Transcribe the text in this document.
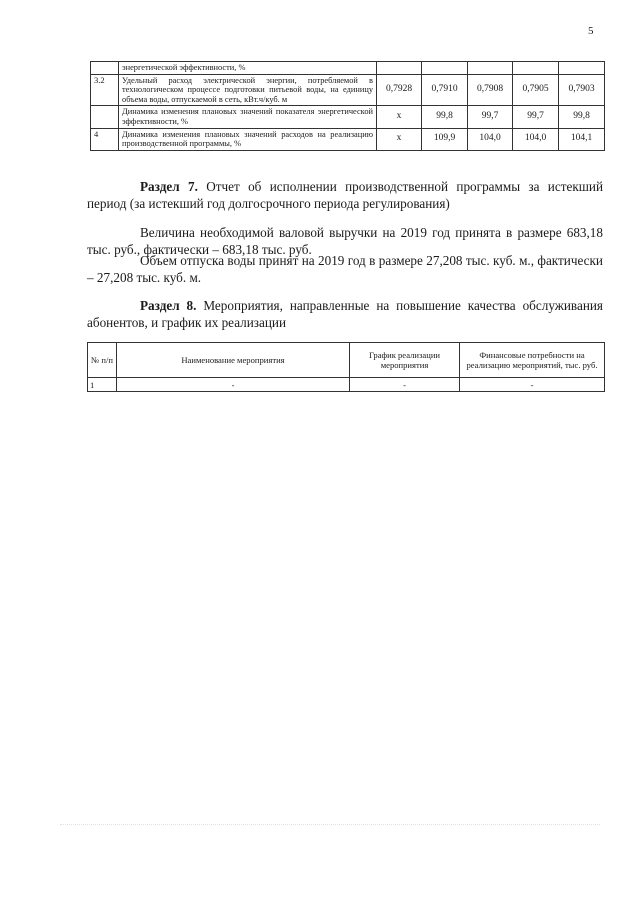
5
	энергетической эффективности, %					
3.2	Удельный расход электрической энергии, потребляемой в технологическом процессе подготовки питьевой воды, на единицу объема воды, отпускаемой в сеть, кВт.ч/куб. м	0,7928	0,7910	0,7908	0,7905	0,7903
	Динамика изменения плановых значений показателя энергетической эффективности, %	х	99,8	99,7	99,7	99,8
4	Динамика изменения плановых значений расходов на реализацию производственной программы, %	х	109,9	104,0	104,0	104,1
Раздел 7. Отчет об исполнении производственной программы за истекший период (за истекший год долгосрочного периода регулирования)
Величина необходимой валовой выручки на 2019 год принята в размере 683,18 тыс. руб., фактически – 683,18 тыс. руб.
Объем отпуска воды принят на 2019 год в размере 27,208 тыс. куб. м., фактически – 27,208 тыс. куб. м.
Раздел 8. Мероприятия, направленные на повышение качества обслуживания абонентов, и график их реализации
№ п/п	Наименование мероприятия	График реализации мероприятия	Финансовые потребности на реализацию мероприятий, тыс. руб.
1	-	-	-
